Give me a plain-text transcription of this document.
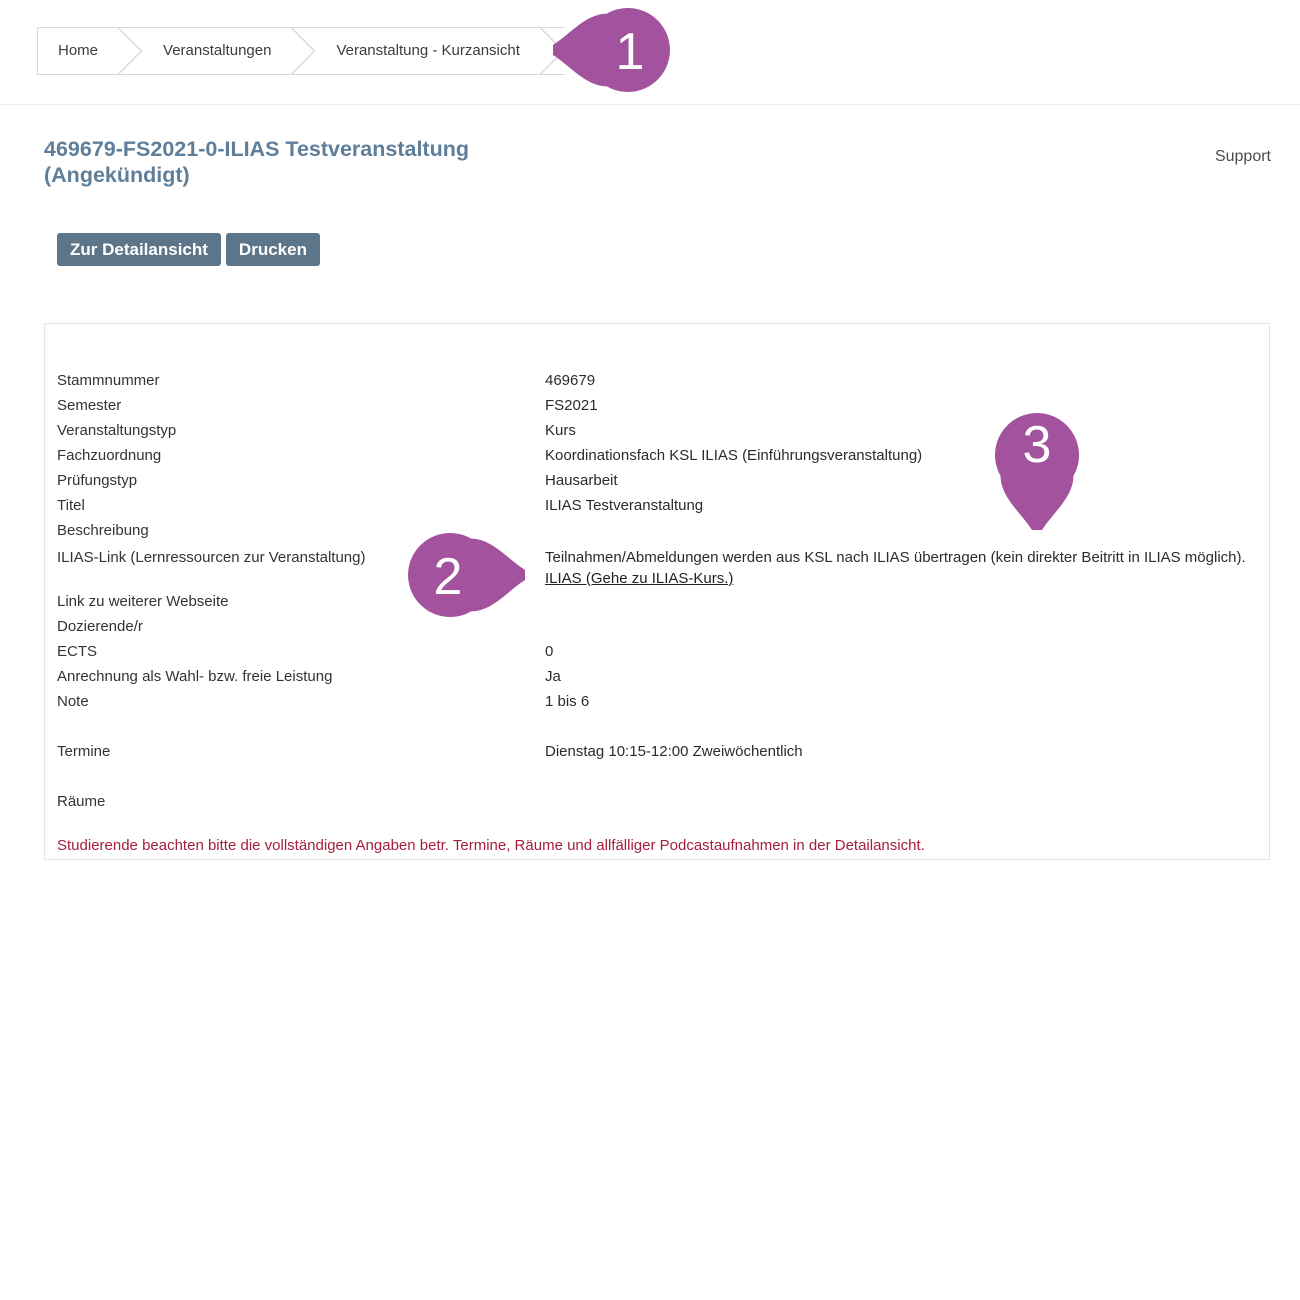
Home	Veranstaltungen	Veranstaltung - Kurzansicht
469679-FS2021-0-ILIAS Testveranstaltung
(Angekündigt)
Support
Zur Detailansicht	Drucken
Stammnummer	469679
Semester	FS2021
Veranstaltungstyp	Kurs
Fachzuordnung	Koordinationsfach KSL ILIAS (Einführungsveranstaltung)
Prüfungstyp	Hausarbeit
Titel	ILIAS Testveranstaltung
Beschreibung
ILIAS-Link (Lernressourcen zur Veranstaltung)	Teilnahmen/Abmeldungen werden aus KSL nach ILIAS übertragen (kein direkter Beitritt in ILIAS möglich).
ILIAS (Gehe zu ILIAS-Kurs.)
Link zu weiterer Webseite
Dozierende/r
ECTS	0
Anrechnung als Wahl- bzw. freie Leistung	Ja
Note	1 bis 6
Termine	Dienstag 10:15-12:00 Zweiwöchentlich
Räume
Studierende beachten bitte die vollständigen Angaben betr. Termine, Räume und allfälliger Podcastaufnahmen in der Detailansicht.
1
2
3
